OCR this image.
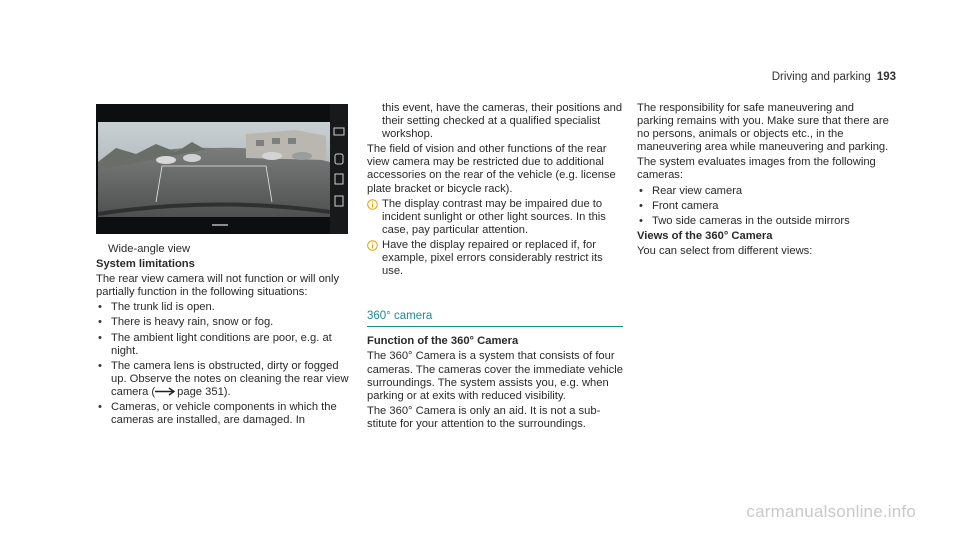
Driving and parking 193

Wide-angle view

System limitations

The rear view camera will not function or will only partially function in the following situations:

• The trunk lid is open.
• There is heavy rain, snow or fog.
• The ambient light conditions are poor, e.g. at night.
• The camera lens is obstructed, dirty or fogged up. Observe the notes on cleaning the rear view camera ( page 351).
• Cameras, or vehicle components in which the cameras are installed, are damaged. In

this event, have the cameras, their positions and their setting checked at a qualified specialist workshop.

The field of vision and other functions of the rear view camera may be restricted due to additional accessories on the rear of the vehicle (e.g. license plate bracket or bicycle rack).

The display contrast may be impaired due to incident sunlight or other light sources. In this case, pay particular attention.
Have the display repaired or replaced if, for example, pixel errors considerably restrict its use.
360° camera

Function of the 360° Camera

The 360° Camera is a system that consists of four cameras. The cameras cover the immediate vehicle surroundings. The system assists you, e.g. when parking or at exits with reduced visibility.

The 360° Camera is only an aid. It is not a substitute for your attention to the surroundings.

The responsibility for safe maneuvering and parking remains with you. Make sure that there are no persons, animals or objects etc., in the maneuvering area while maneuvering and parking.

The system evaluates images from the following cameras:

• Rear view camera
• Front camera
• Two side cameras in the outside mirrors

Views of the 360° Camera

You can select from different views:

carmanualsonline.info
